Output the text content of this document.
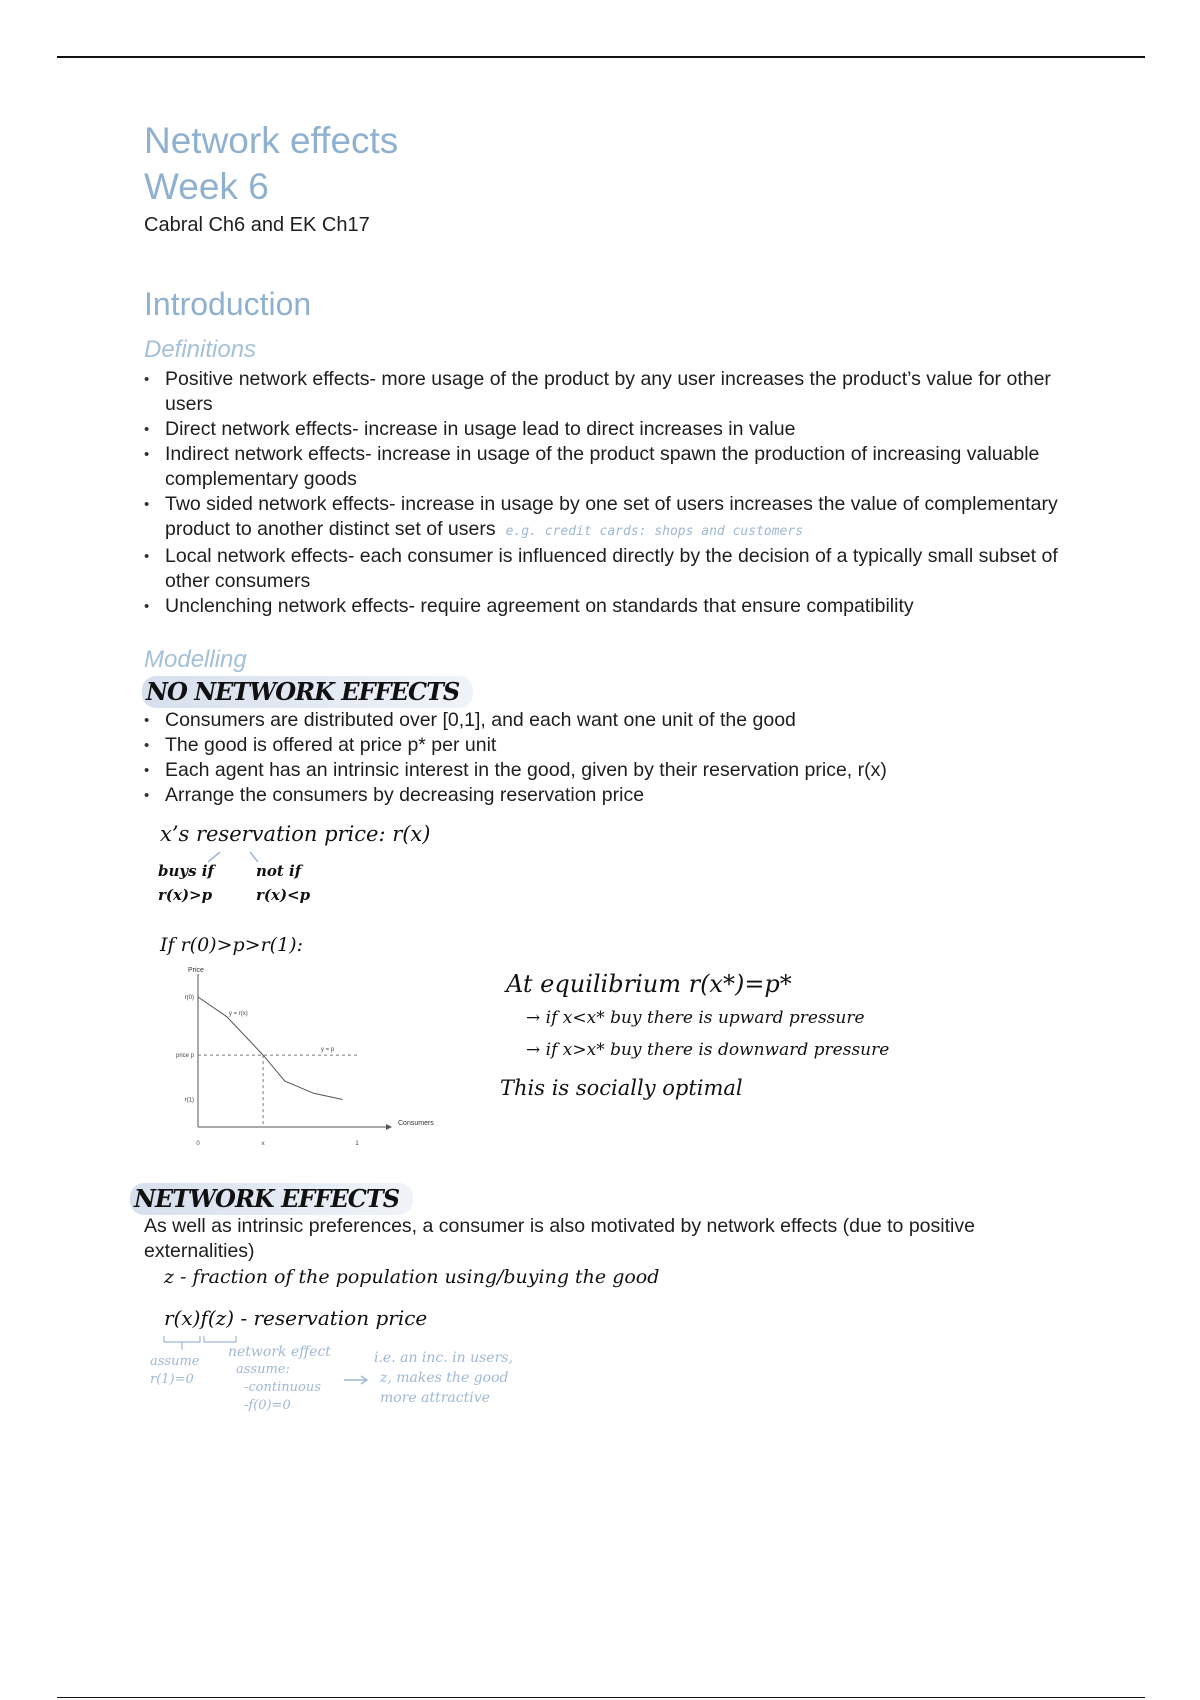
Network effects
Week 6
Cabral Ch6 and EK Ch17
Introduction
Definitions
• Positive network effects- more usage of the product by any user increases the product’s value for other users
• Direct network effects- increase in usage lead to direct increases in value
• Indirect network effects- increase in usage of the product spawn the production of increasing valuable complementary goods
• Two sided network effects- increase in usage by one set of users increases the value of complementary product to another distinct set of users e.g. credit cards: shops and customers
• Local network effects- each consumer is influenced directly by the decision of a typically small subset of other consumers
• Unclenching network effects- require agreement on standards that ensure compatibility
Modelling
NO NETWORK EFFECTS
• Consumers are distributed over [0,1], and each want one unit of the good
• The good is offered at price p* per unit
• Each agent has an intrinsic interest in the good, given by their reservation price, r(x)
• Arrange the consumers by decreasing reservation price
x’s reservation price: r(x)
buys if
r(x)>p
not if
r(x)<p
If r(0)>p>r(1):
Price
Consumers
y = r(x)
y = p
r(0)
price p
r(1)
0	x	1
At equilibrium r(x*)=p*
→ if x<x* buy there is upward pressure
→ if x>x* buy there is downward pressure
This is socially optimal
NETWORK EFFECTS
As well as intrinsic preferences, a consumer is also motivated by network effects (due to positive externalities)
z - fraction of the population using/buying the good
r(x)f(z) - reservation price
assume
r(1)=0
network effect
assume:
-continuous
-f(0)=0
i.e. an inc. in users,
z, makes the good
more attractive
